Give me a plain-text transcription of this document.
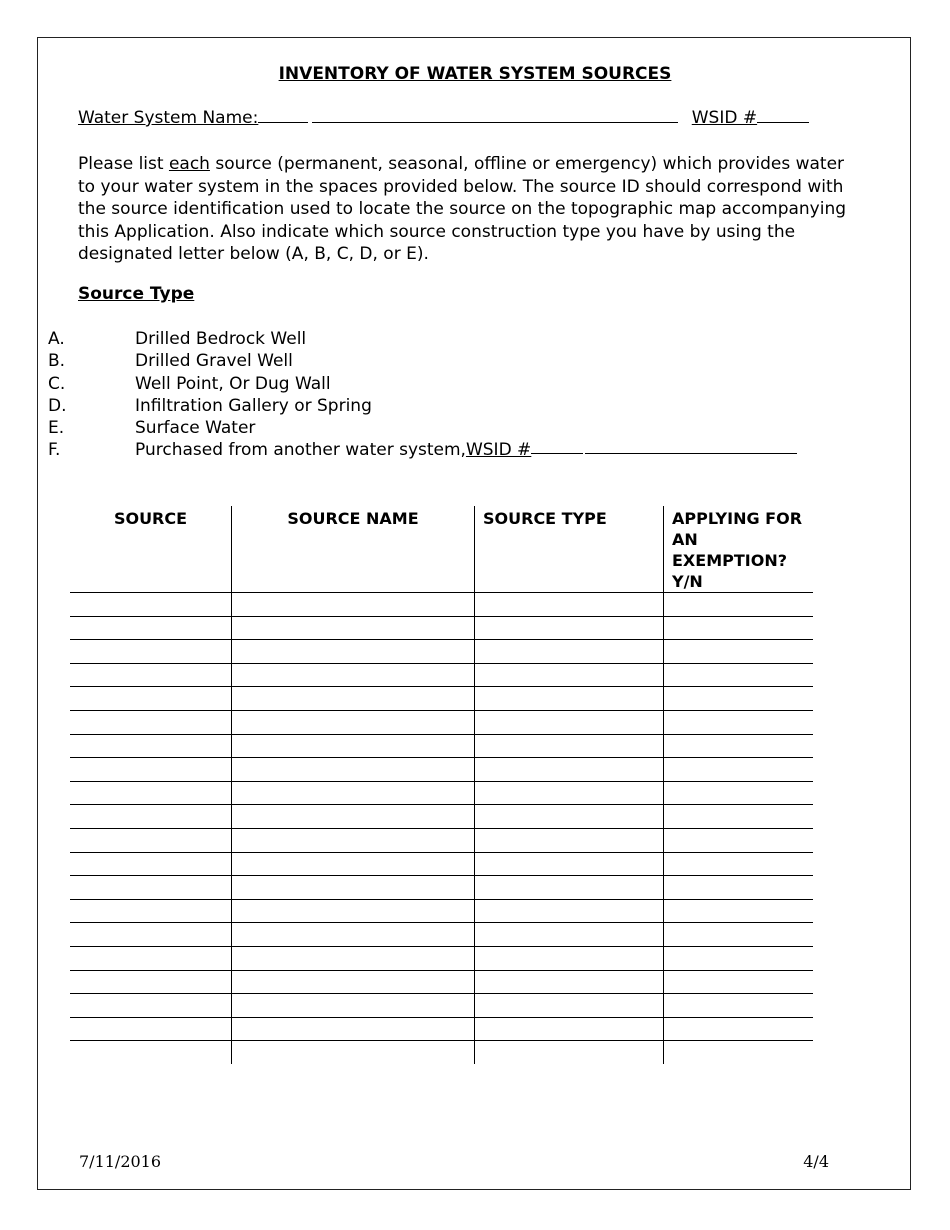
INVENTORY OF WATER SYSTEM SOURCES
Water System Name:	WSID #
Please list each source (permanent, seasonal, offline or emergency) which provides water to your water system in the spaces provided below. The source ID should correspond with the source identification used to locate the source on the topographic map accompanying this Application. Also indicate which source construction type you have by using the designated letter below (A, B, C, D, or E).
Source Type
A.	Drilled Bedrock Well
B.	Drilled Gravel Well
C.	Well Point, Or Dug Wall
D.	Infiltration Gallery or Spring
E.	Surface Water
F.	Purchased from another water system, WSID #
SOURCE	SOURCE NAME	SOURCE TYPE	APPLYING FOR AN EXEMPTION? Y/N

7/11/2016	4/4
